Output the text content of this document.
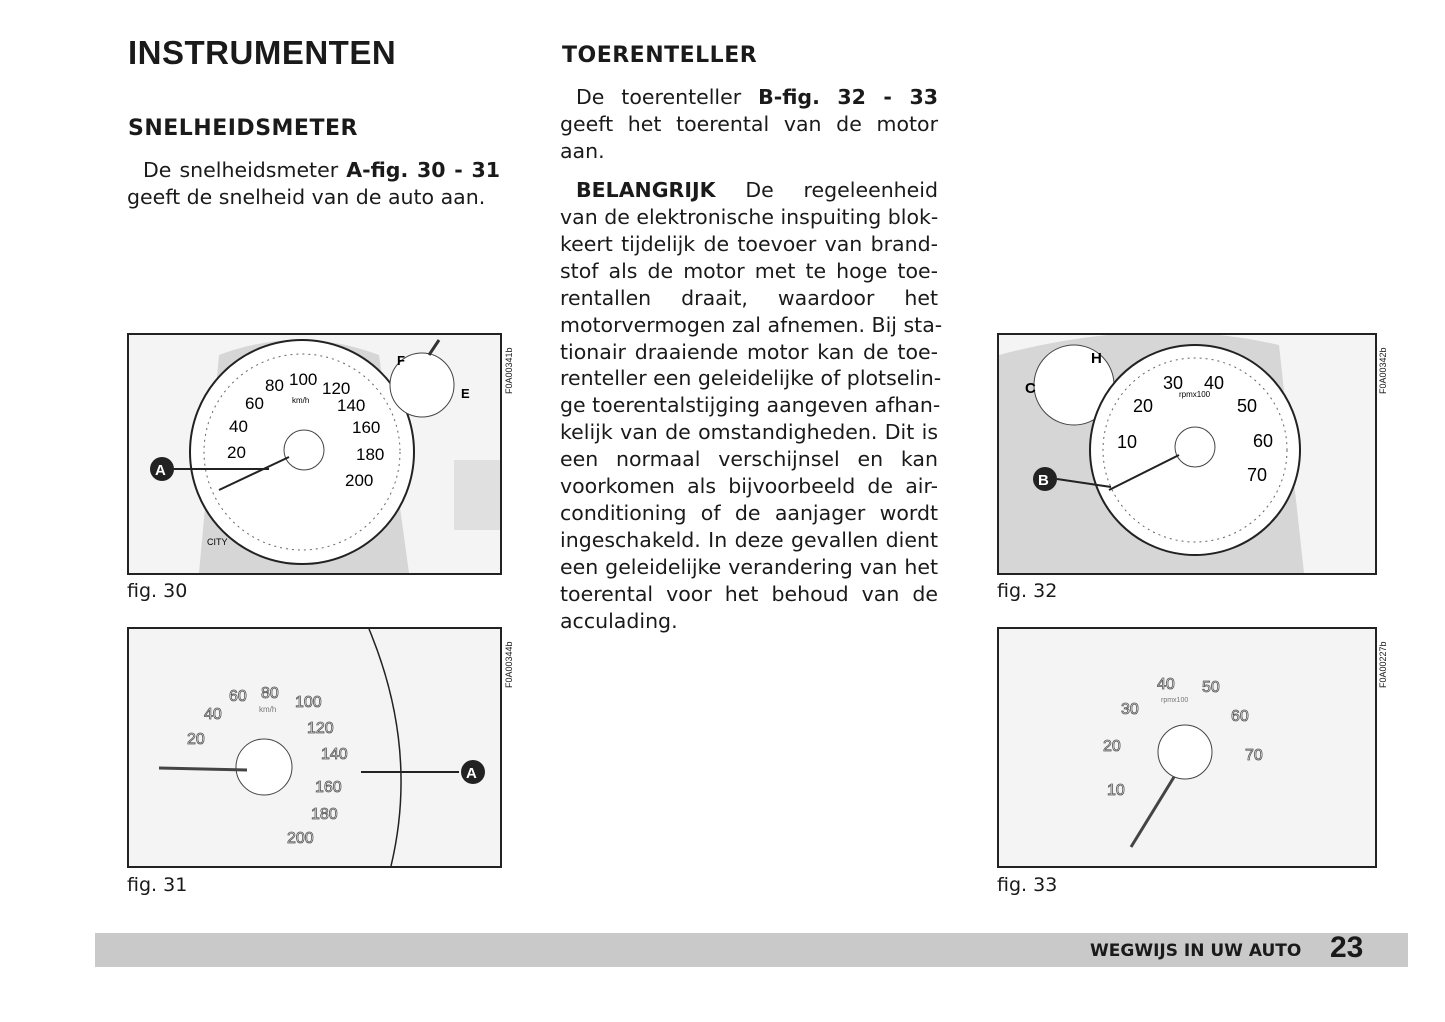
INSTRUMENTEN
SNELHEIDSMETER
De snelheidsmeter A-fig. 30 - 31
geeft de snelheid van de auto aan.
TOERENTELLER
De toerenteller B-fig. 32 - 33
geeft het toerental van de motor
aan.
BELANGRIJK De regeleenheid
van de elektronische inspuiting blok-
keert tijdelijk de toevoer van brand-
stof als de motor met te hoge toe-
rentallen draait, waardoor het
motorvermogen zal afnemen. Bij sta-
tionair draaiende motor kan de toe-
renteller een geleidelijke of plotselin-
ge toerentalstijging aangeven afhan-
kelijk van de omstandigheden. Dit is
een normaal verschijnsel en kan
voorkomen als bijvoorbeeld de air-
conditioning of de aanjager wordt
ingeschakeld. In deze gevallen dient
een geleidelijke verandering van het
toerental voor het behoud van de
acculading.
F
E
CITY
km/h
20
40
60
80 100 120
140
160
180
200
A
F0A00341b
fig. 30
km/h
20
40
60 80
100
120
140
160
180
200
A
F0A00344b
fig. 31
C
H
rpmx100
10
20
30 40
50
60
70
B
F0A00342b
fig. 32
rpmx100
10
20
30
40 50
60
70
F0A00227b
fig. 33
WEGWIJS IN UW AUTO 23
